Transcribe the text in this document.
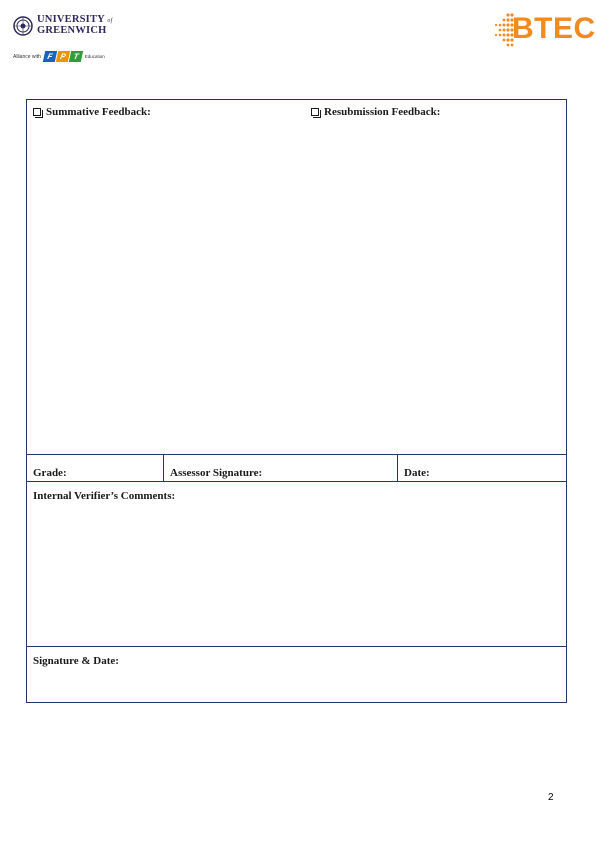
UNIVERSITY of
GREENWICH
Alliance with F P T	Education
BTEC
Summative Feedback:	Resubmission Feedback:
Grade:	Assessor Signature:	Date:
Internal Verifier’s Comments:
Signature & Date:
2
